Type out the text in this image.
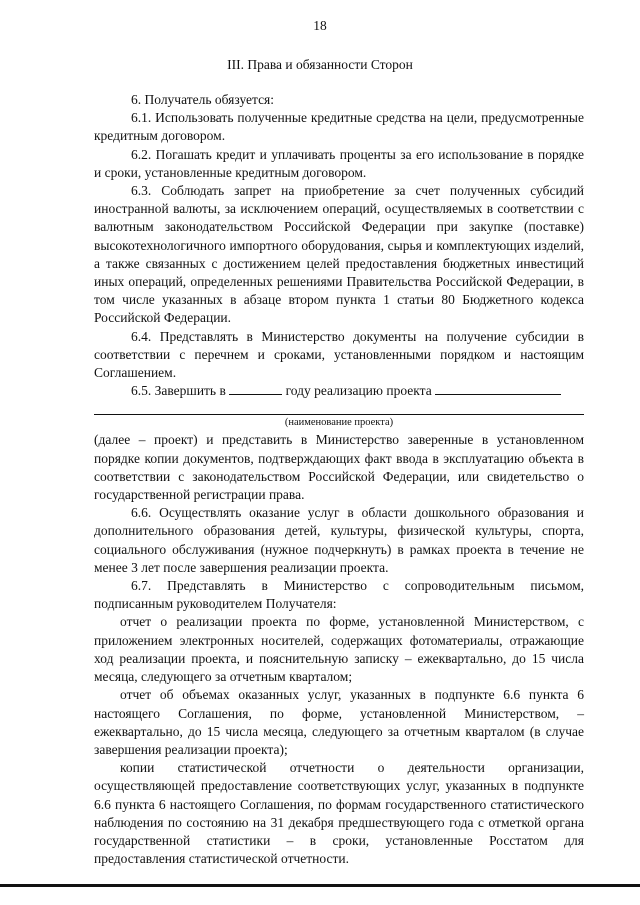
18
III. Права и обязанности Сторон

6. Получатель обязуется:

6.1. Использовать полученные кредитные средства на цели, предусмотренные кредитным договором.

6.2. Погашать кредит и уплачивать проценты за его использование в порядке и сроки, установленные кредитным договором.

6.3. Соблюдать запрет на приобретение за счет полученных субсидий иностранной валюты, за исключением операций, осуществляемых в соответствии с валютным законодательством Российской Федерации при закупке (поставке) высокотехнологичного импортного оборудования, сырья и комплектующих изделий, а также связанных с достижением целей предоставления бюджетных инвестиций иных операций, определенных решениями Правительства Российской Федерации, в том числе указанных в абзаце втором пункта 1 статьи 80 Бюджетного кодекса Российской Федерации.

6.4. Представлять в Министерство документы на получение субсидии в соответствии с перечнем и сроками, установленными порядком и настоящим Соглашением.

6.5. Завершить в	году реализацию проекта

(наименование проекта)

(далее – проект) и представить в Министерство заверенные в установленном порядке копии документов, подтверждающих факт ввода в эксплуатацию объекта в соответствии с законодательством Российской Федерации, или свидетельство о государственной регистрации права.

6.6. Осуществлять оказание услуг в области дошкольного образования и дополнительного образования детей, культуры, физической культуры, спорта, социального обслуживания (нужное подчеркнуть) в рамках проекта в течение не менее 3 лет после завершения реализации проекта.

6.7. Представлять в Министерство с сопроводительным письмом, подписанным руководителем Получателя:

отчет о реализации проекта по форме, установленной Министерством, с приложением электронных носителей, содержащих фотоматериалы, отражающие ход реализации проекта, и пояснительную записку – ежеквартально, до 15 числа месяца, следующего за отчетным кварталом;

отчет об объемах оказанных услуг, указанных в подпункте 6.6 пункта 6 настоящего Соглашения, по форме, установленной Министерством, – ежеквартально, до 15 числа месяца, следующего за отчетным кварталом (в случае завершения реализации проекта);

копии статистической отчетности о деятельности организации, осуществляющей предоставление соответствующих услуг, указанных в подпункте 6.6 пункта 6 настоящего Соглашения, по формам государственного статистического наблюдения по состоянию на 31 декабря предшествующего года с отметкой органа государственной статистики – в сроки, установленные Росстатом для предоставления статистической отчетности.
